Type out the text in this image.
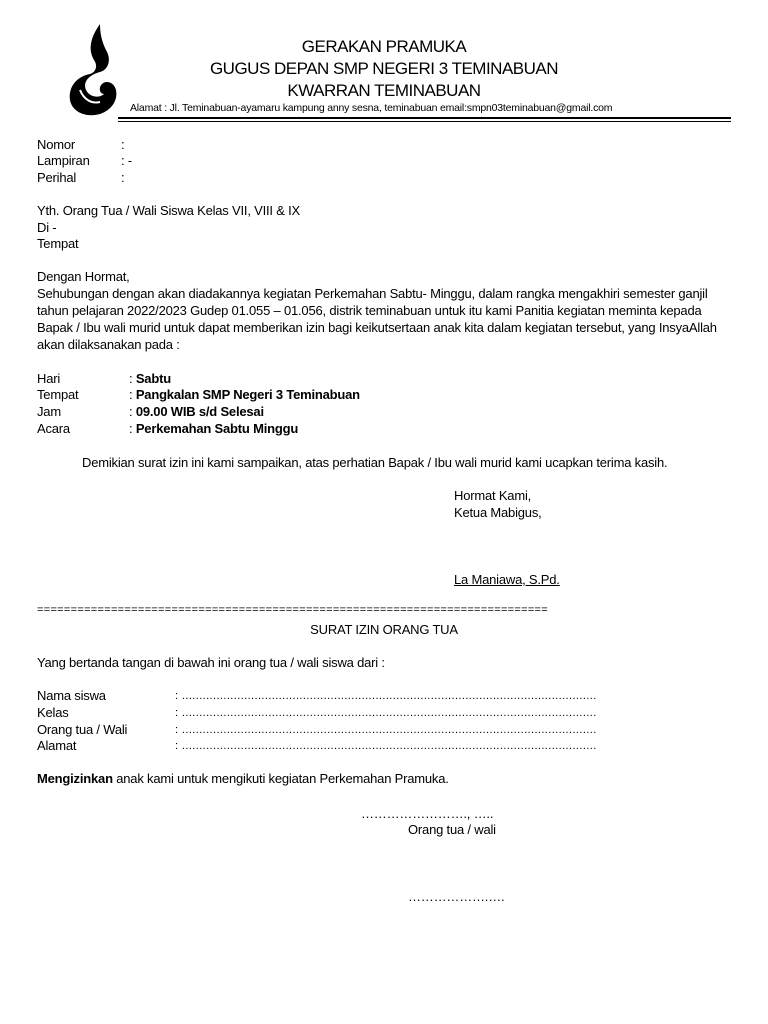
GERAKAN PRAMUKA
GUGUS DEPAN SMP NEGERI 3 TEMINABUAN
KWARRAN TEMINABUAN
Alamat : Jl. Teminabuan-ayamaru kampung anny sesna, teminabuan email:smpn03teminabuan@gmail.com
Nomor	:
Lampiran : -
Perihal	:
Yth. Orang Tua / Wali Siswa Kelas VII, VIII & IX
Di -
Tempat
Dengan Hormat,
Sehubungan dengan akan diadakannya kegiatan Perkemahan Sabtu- Minggu, dalam rangka mengakhiri semester ganjil
tahun pelajaran 2022/2023 Gudep 01.055 – 01.056, distrik teminabuan untuk itu kami Panitia kegiatan meminta kepada
Bapak / Ibu wali murid untuk dapat memberikan izin bagi keikutsertaan anak kita dalam kegiatan tersebut, yang InsyaAllah
akan dilaksanakan pada :
Hari	: Sabtu
Tempat	: Pangkalan SMP Negeri 3 Teminabuan
Jam	: 09.00 WIB s/d Selesai
Acara	: Perkemahan Sabtu Minggu
Demikian surat izin ini kami sampaikan, atas perhatian Bapak / Ibu wali murid kami ucapkan terima kasih.
Hormat Kami,
Ketua Mabigus,
La Maniawa, S.Pd.
============================================================================
SURAT IZIN ORANG TUA
Yang bertanda tangan di bawah ini orang tua / wali siswa dari :
Nama siswa	: ........................................................................................................................
Kelas	: ........................................................................................................................
Orang tua / Wali	: ........................................................................................................................
Alamat	: ........................................................................................................................
Mengizinkan anak kami untuk mengikuti kegiatan Perkemahan Pramuka.
……………………., …..
Orang tua / wali
……………….….
